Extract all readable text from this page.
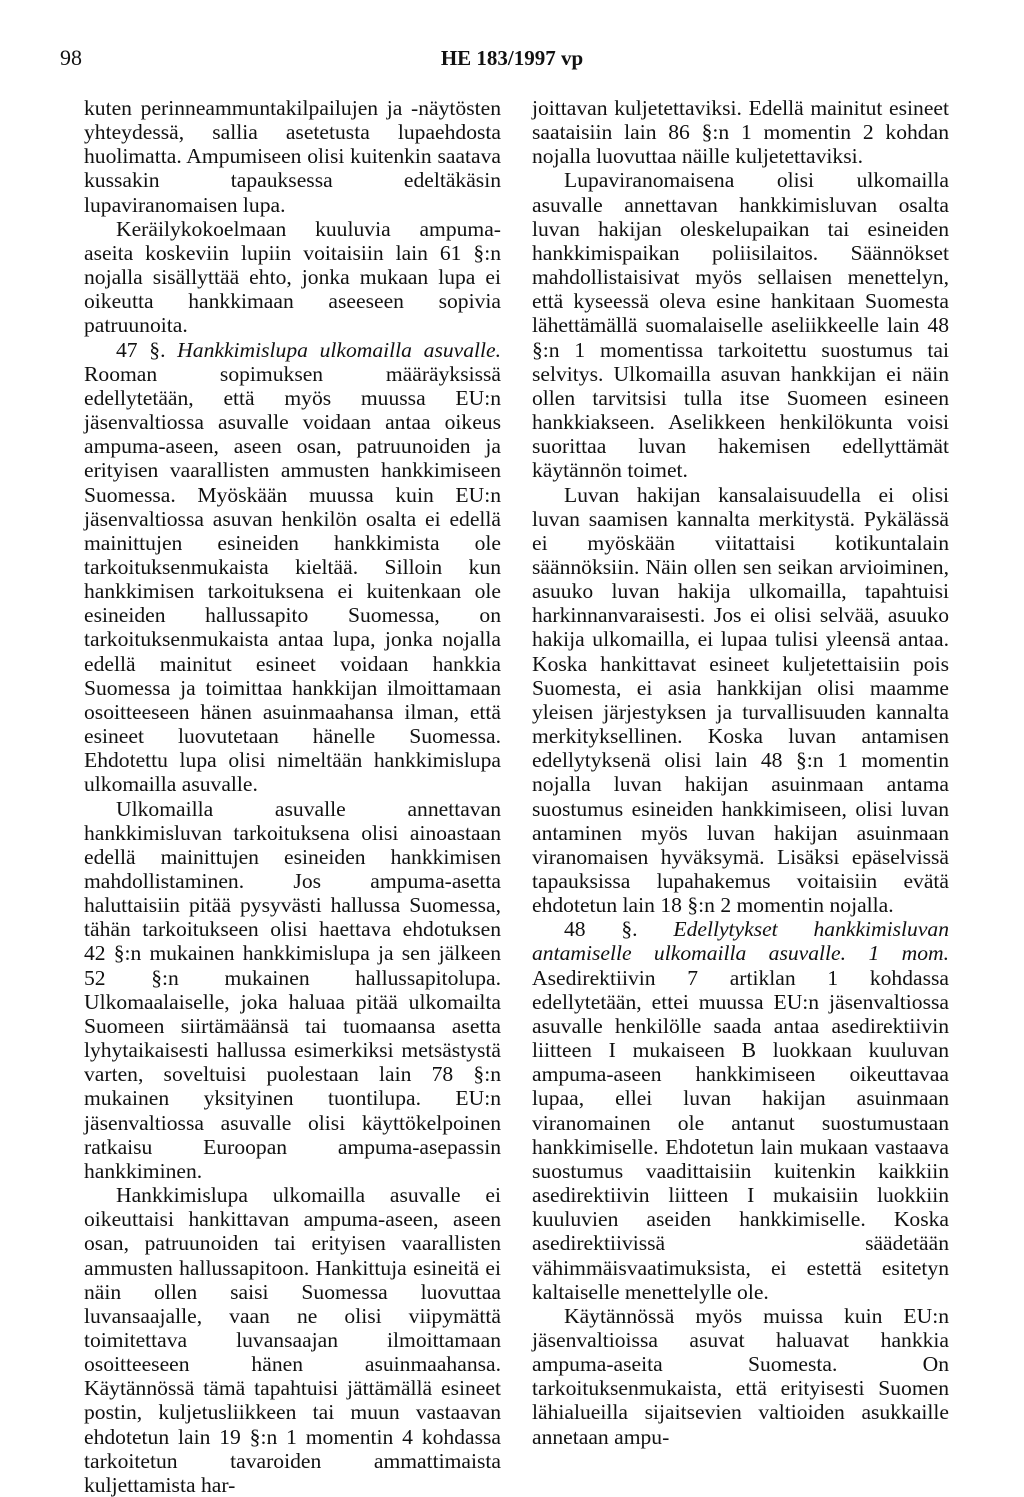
98	HE 183/1997 vp

kuten perinneammuntakilpailujen ja -näytösten yhteydessä, sallia asetetusta lupaehdosta huolimatta. Ampumiseen olisi kuitenkin saatava kussakin tapauksessa edeltäkäsin lupaviranomaisen lupa.

Keräilykokoelmaan kuuluvia ampuma-aseita koskeviin lupiin voitaisiin lain 61 §:n nojalla sisällyttää ehto, jonka mukaan lupa ei oikeutta hankkimaan aseeseen sopivia patruunoita.

47 §. Hankkimislupa ulkomailla asuvalle. Rooman sopimuksen määräyksissä edellytetään, että myös muussa EU:n jäsenvaltiossa asuvalle voidaan antaa oikeus ampuma-aseen, aseen osan, patruunoiden ja erityisen vaarallisten ammusten hankkimiseen Suomessa. Myöskään muussa kuin EU:n jäsenvaltiossa asuvan henkilön osalta ei edellä mainittujen esineiden hankkimista ole tarkoituksenmukaista kieltää. Silloin kun hankkimisen tarkoituksena ei kuitenkaan ole esineiden hallussapito Suomessa, on tarkoituksenmukaista antaa lupa, jonka nojalla edellä mainitut esineet voidaan hankkia Suomessa ja toimittaa hankkijan ilmoittamaan osoitteeseen hänen asuinmaahansa ilman, että esineet luovutetaan hänelle Suomessa. Ehdotettu lupa olisi nimeltään hankkimislupa ulkomailla asuvalle.

Ulkomailla asuvalle annettavan hankkimisluvan tarkoituksena olisi ainoastaan edellä mainittujen esineiden hankkimisen mahdollistaminen. Jos ampuma-asetta haluttaisiin pitää pysyvästi hallussa Suomessa, tähän tarkoitukseen olisi haettava ehdotuksen 42 §:n mukainen hankkimislupa ja sen jälkeen 52 §:n mukainen hallussapitolupa. Ulkomaalaiselle, joka haluaa pitää ulkomailta Suomeen siirtämäänsä tai tuomaansa asetta lyhytaikaisesti hallussa esimerkiksi metsästystä varten, soveltuisi puolestaan lain 78 §:n mukainen yksityinen tuontilupa. EU:n jäsenvaltiossa asuvalle olisi käyttökelpoinen ratkaisu Euroopan ampuma-asepassin hankkiminen.

Hankkimislupa ulkomailla asuvalle ei oikeuttaisi hankittavan ampuma-aseen, aseen osan, patruunoiden tai erityisen vaarallisten ammusten hallussapitoon. Hankittuja esineitä ei näin ollen saisi Suomessa luovuttaa luvansaajalle, vaan ne olisi viipymättä toimitettava luvansaajan ilmoittamaan osoitteeseen hänen asuinmaahansa. Käytännössä tämä tapahtuisi jättämällä esineet postin, kuljetusliikkeen tai muun vastaavan ehdotetun lain 19 §:n 1 momentin 4 kohdassa tarkoitetun tavaroiden ammattimaista kuljettamista har-

joittavan kuljetettaviksi. Edellä mainitut esineet saataisiin lain 86 §:n 1 momentin 2 kohdan nojalla luovuttaa näille kuljetettaviksi.

Lupaviranomaisena olisi ulkomailla asuvalle annettavan hankkimisluvan osalta luvan hakijan oleskelupaikan tai esineiden hankkimispaikan poliisilaitos. Säännökset mahdollistaisivat myös sellaisen menettelyn, että kyseessä oleva esine hankitaan Suomesta lähettämällä suomalaiselle aseliikkeelle lain 48 §:n 1 momentissa tarkoitettu suostumus tai selvitys. Ulkomailla asuvan hankkijan ei näin ollen tarvitsisi tulla itse Suomeen esineen hankkiakseen. Aselikkeen henkilökunta voisi suorittaa luvan hakemisen edellyttämät käytännön toimet.

Luvan hakijan kansalaisuudella ei olisi luvan saamisen kannalta merkitystä. Pykälässä ei myöskään viitattaisi kotikuntalain säännöksiin. Näin ollen sen seikan arvioiminen, asuuko luvan hakija ulkomailla, tapahtuisi harkinnanvaraisesti. Jos ei olisi selvää, asuuko hakija ulkomailla, ei lupaa tulisi yleensä antaa. Koska hankittavat esineet kuljetettaisiin pois Suomesta, ei asia hankkijan olisi maamme yleisen järjestyksen ja turvallisuuden kannalta merkityksellinen. Koska luvan antamisen edellytyksenä olisi lain 48 §:n 1 momentin nojalla luvan hakijan asuinmaan antama suostumus esineiden hankkimiseen, olisi luvan antaminen myös luvan hakijan asuinmaan viranomaisen hyväksymä. Lisäksi epäselvissä tapauksissa lupahakemus voitaisiin evätä ehdotetun lain 18 §:n 2 momentin nojalla.

48 §. Edellytykset hankkimisluvan antamiselle ulkomailla asuvalle. 1 mom. Asedirektiivin 7 artiklan 1 kohdassa edellytetään, ettei muussa EU:n jäsenvaltiossa asuvalle henkilölle saada antaa asedirektiivin liitteen I mukaiseen B luokkaan kuuluvan ampuma-aseen hankkimiseen oikeuttavaa lupaa, ellei luvan hakijan asuinmaan viranomainen ole antanut suostumustaan hankkimiselle. Ehdotetun lain mukaan vastaava suostumus vaadittaisiin kuitenkin kaikkiin asedirektiivin liitteen I mukaisiin luokkiin kuuluvien aseiden hankkimiselle. Koska asedirektiivissä säädetään vähimmäisvaatimuksista, ei estettä esitetyn kaltaiselle menettelylle ole.

Käytännössä myös muissa kuin EU:n jäsenvaltioissa asuvat haluavat hankkia ampuma-aseita Suomesta. On tarkoituksenmukaista, että erityisesti Suomen lähialueilla sijaitsevien valtioiden asukkaille annetaan ampu-
